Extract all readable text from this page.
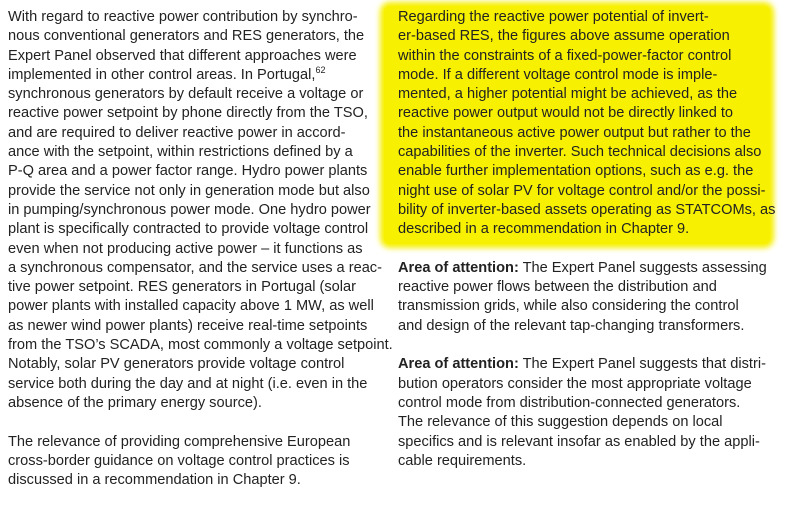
With regard to reactive power contribution by synchro-
nous conventional generators and RES generators, the
Expert Panel observed that different approaches were
implemented in other control areas. In Portugal,$^{62}$
synchronous generators by default receive a voltage or
reactive power setpoint by phone directly from the TSO,
and are required to deliver reactive power in accord-
ance with the setpoint, within restrictions defined by a
P-Q area and a power factor range. Hydro power plants
provide the service not only in generation mode but also
in pumping/synchronous power mode. One hydro power
plant is specifically contracted to provide voltage control
even when not producing active power – it functions as
a synchronous compensator, and the service uses a reac-
tive power setpoint. RES generators in Portugal (solar
power plants with installed capacity above 1 MW, as well
as newer wind power plants) receive real-time setpoints
from the TSO’s SCADA, most commonly a voltage setpoint.
Notably, solar PV generators provide voltage control
service both during the day and at night (i.e. even in the
absence of the primary energy source).
The relevance of providing comprehensive European
cross-border guidance on voltage control practices is
discussed in a recommendation in Chapter 9.
Regarding the reactive power potential of invert-
er-based RES, the figures above assume operation
within the constraints of a fixed-power-factor control
mode. If a different voltage control mode is imple-
mented, a higher potential might be achieved, as the
reactive power output would not be directly linked to
the instantaneous active power output but rather to the
capabilities of the inverter. Such technical decisions also
enable further implementation options, such as e.g. the
night use of solar PV for voltage control and/or the possi-
bility of inverter-based assets operating as STATCOMs, as
described in a recommendation in Chapter 9.
Area of attention: The Expert Panel suggests assessing
reactive power flows between the distribution and
transmission grids, while also considering the control
and design of the relevant tap-changing transformers.
Area of attention: The Expert Panel suggests that distri-
bution operators consider the most appropriate voltage
control mode from distribution-connected generators.
The relevance of this suggestion depends on local
specifics and is relevant insofar as enabled by the appli-
cable requirements.
